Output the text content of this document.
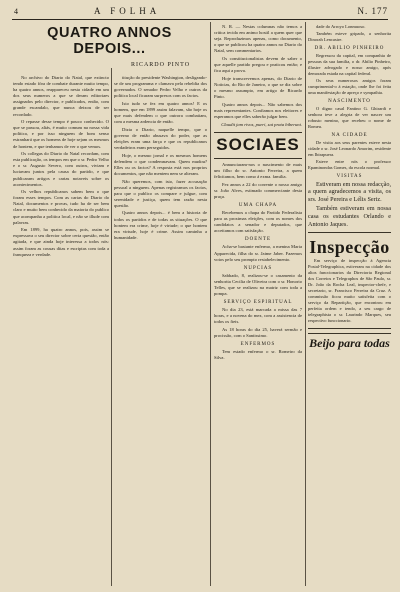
4	A FOLHA	N. 177
QUATRO ANNOS DEPOIS...
RICARDO PINTO

No archivo do Diario do Natal, que extincto tendo estado fóra de combate durante muito tempo, ha quatro annos, reappareceu nesta cidade em um dos seus numeros a que se deram editoriaes assignados pelo director, e publicados, então, com grande escandalo, que nunca deixou de ser recordado.

O repasse desse tempo é pouco conhecido. O que se passou, aliás, é muito comum na nossa vida politica, e por isso ninguem de bom senso estranhará que os homens de hoje sejam os mesmos de hontem, e que tenhamos de ver o que vemos.

Os collegas do Diario do Natal recordam, com esta publicação, os tempos em que o sr. Pedro Velho e o sr. Augusto Severo, com outros, viviam e luctavam juntos pela causa do partido, e que publicaram artigos e cartas notaveis sobre os acontecimentos.

Os velhos republicanos sabem bem o que foram esses tempos. Com as cartas do Diario do Natal, documentos e provas, tudo ha de ser bem claro e muito bem conhecido da maioria do publico que acompanha a politica local, e não se illude com palavras.

Em 1899, ha quatro annos, pois, assim se expressava o seu director sobre certa questão, então agitada, e que ainda hoje interessa a todos nós: assim foram as cousas ditas e escriptas com toda a franqueza e verdade.

titução do presidente Washington, desligando-se de um programma e clamava pela rebeldia dos governados. O senador Pedro Velho e outros da politica local ficaram surpresos com os factos.

Isto tudo se fez em quatro annos! E os homens, que em 1899 assim falavam, são hoje os que mais defendem o que outrora combatiam, com a mesma ardencia de então.

Dizia o Diario, naquelle tempo, que o governo de então abusava do poder, que as eleições eram uma farça e que os republicanos verdadeiros eram perseguidos.

Hoje, o mesmo jornal e os mesmos homens defendem o que condemnavam. Quem mudou? Elles ou os factos? A resposta está nos proprios documentos, que não mentem nem se alteram.

Não queremos, com isto, fazer accusação pessoal a ninguem. Apenas registramos os factos, para que o publico os compare e julgue, com serenidade e justiça, quem tem razão nesta questão.

Quatro annos depois... é bem a historia de todos os partidos e de todas as situações. O que hontem era crime, hoje é virtude; o que hontem era virtude, hoje é crime. Assim caminha a humanidade.

N. R. — Nestas columnas não temos a critica tecida em animo hostil a quem quer que seja. Reproduzimos apenas, como documento, o que se publicou ha quatro annos no Diario do Natal, sem commentarios.

Os constitucionalistas devem de saber o que aquelle partido pregou e praticou então; e fica aqui a prova.

Hoje transcrevemos apenas, do Diario de Noticias, do Rio de Janeiro, o que se diz sobre o mesmo assumpto, em artigo de Ricardo Pinto.

Quatro annos depois... Não sabemos dos mais representantes. Confiamos nos eleitores e esperamos que elles saberão julgar bem.

Claudit jam rivos, pueri, sat prata biberunt.

SOCIAES

Annunciaram-nos o nascimento de mais um filho do sr. Antonio Ferreira, a quem felicitamos, bem como á exma. familia.

Fez annos a 22 do corrente o nosso amigo sr. João Alves, estimado commerciante desta praça.

UMA CHAPA

Recebemos a chapa do Partido Federalista para as proximas eleições, com os nomes dos candidatos a senador e deputados, que acceitamos com satisfação.

DOENTE

Acha-se bastante enfermo, a menina Maria Apparecida, filha do sr. Jaime Jaber. Fazemos votos pelo seu prompto restabelecimento.

NUPCIAS

Sabbado, 8, realizou-se o casamento da senhorita Cecilia de Oliveira com o sr. Honorio Telles, que se realizou na matriz com toda a pompa.

SERVIÇO ESPIRITUAL

No dia 23, está marcada a missa das 7 horas, e a novena do mez, com a assistencia de todos os fieis.

As 18 horas do dia 25, haverá sermão e procissão, com o Santissimo.

ENFERMOS

Tem estado enfermo o sr. Romeiro da Silva.

dade do Arroyo Lonmuoso.

Também esteve gripado, a senhorita Dinorah Lencastre.

DR. ABILIO PINHEIRO

Regressou da capital, em companhia de pessoas da sua familia, o dr. Abilio Pinheiro, illustre advogado e nosso amigo, após demorada estada na capital federal.

Os seus numerosos amigos foram cumprimental-o á estação, onde lhe foi feita uma manifestação de apreço e sympathia.

NASCIMENTO

O digno casal Fantino G. Ghirardi e senhora teve a alegria de ver nascer um robusto menino, que recebeu o nome de Romeu.

NA CIDADE

De visita aos seus parentes esteve nesta cidade o sr. José Leonardo Amorim, residente em Ibirapuera.

Esteve entre nós o professor Epaminondas Gomes, da escola normal.

VISITAS

Estiveram em nossa redacção, a quem agradecemos a visita, os srs. José Pereira e Lélis Seriz.

Também estiveram em nossa casa os estudantes Orlando e Antonio Jaques.

Inspecção

Em serviço de inspecção á Agencia Postal-Telegraphica, estiveram na cidade dos altos funccionarios da Directoria Regional dos Correios e Telegraphos de São Paulo, sr. Dr. João da Rocha Leal, inspector-chefe, e secretario, sr. Francisco Ferreira da Cruz. A commissão ficou muito satisfeita com o serviço da Repartição, que encontrou em perfeita ordem e tendo, a seu cargo de telegraphista o sr. Laurindo Marques, seu respectivo funccionario.

Beijo para todas
